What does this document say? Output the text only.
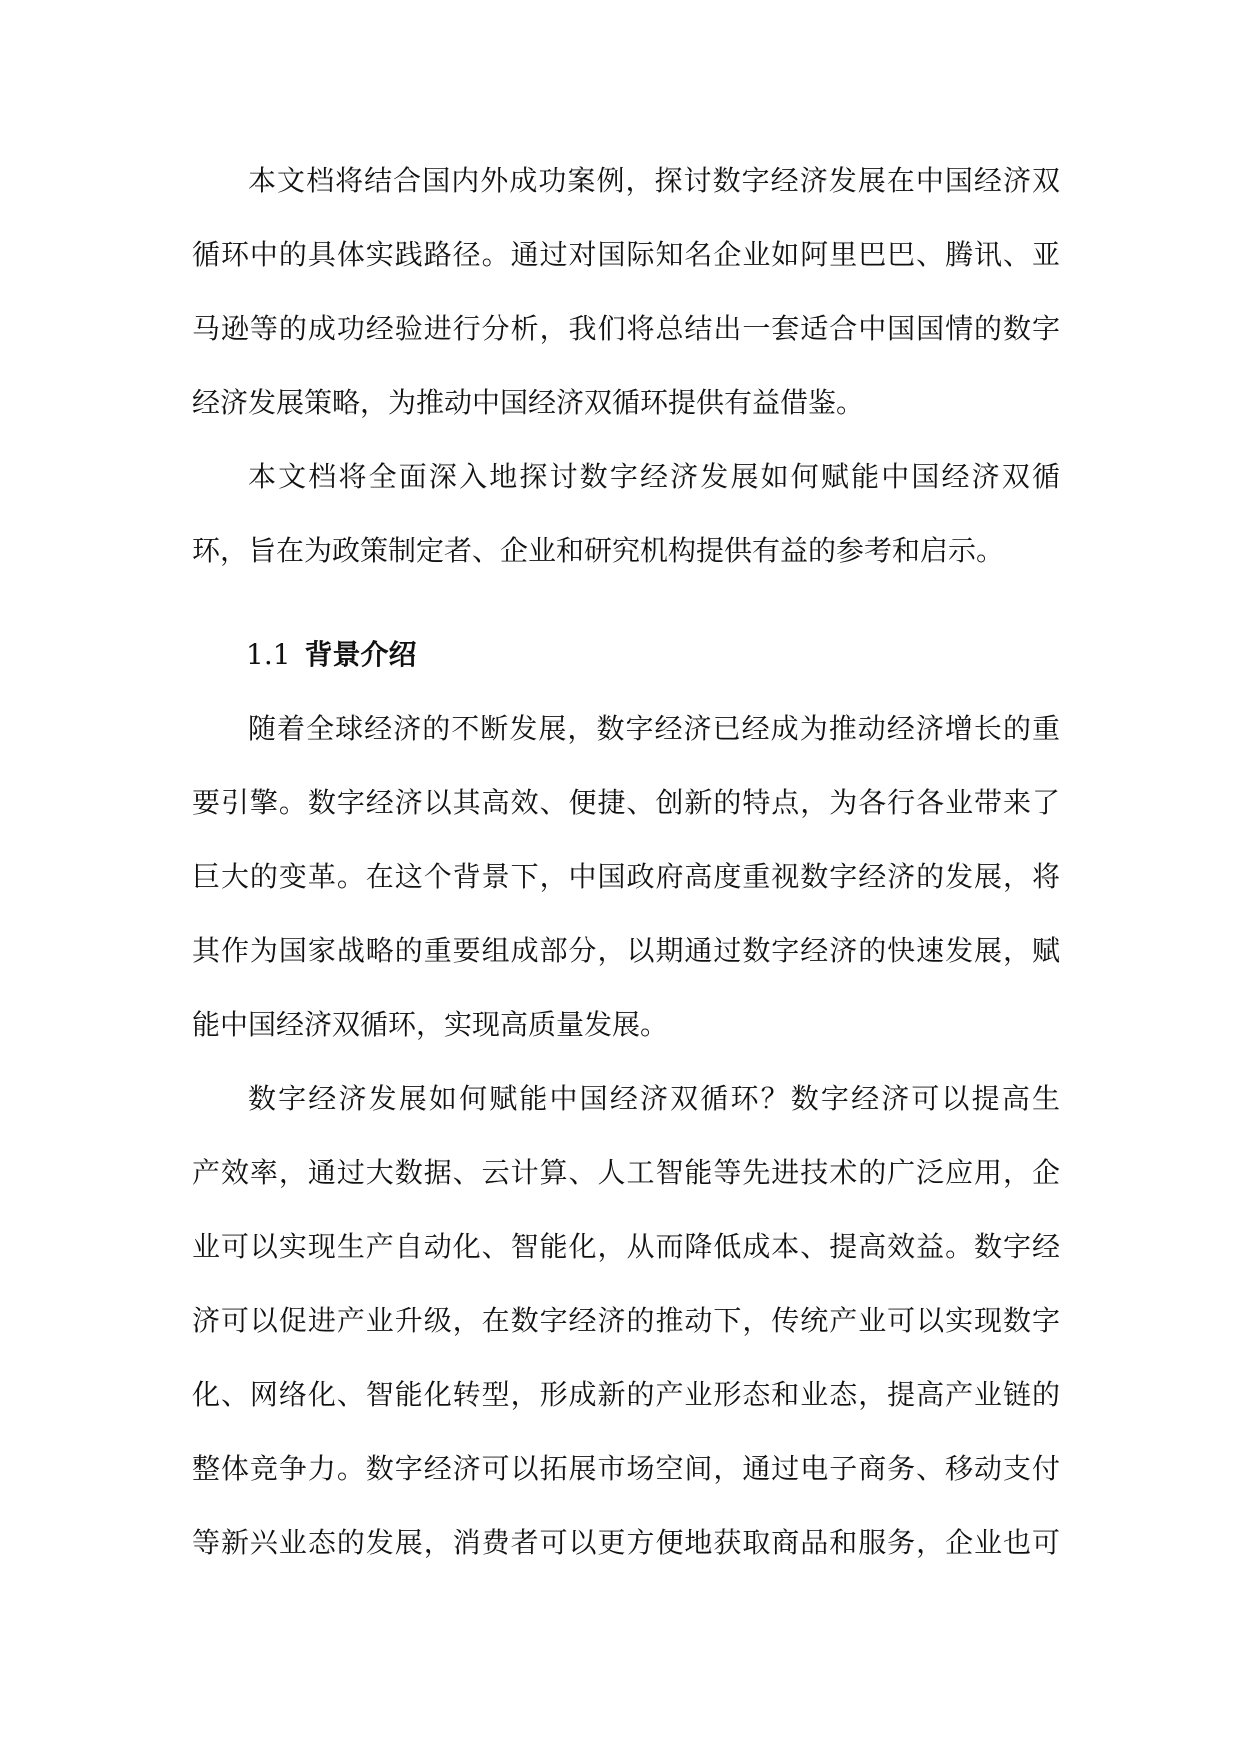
本文档将结合国内外成功案例，探讨数字经济发展在中国经济双
循环中的具体实践路径。通过对国际知名企业如阿里巴巴、腾讯、亚
马逊等的成功经验进行分析，我们将总结出一套适合中国国情的数字
经济发展策略，为推动中国经济双循环提供有益借鉴。
本文档将全面深入地探讨数字经济发展如何赋能中国经济双循
环，旨在为政策制定者、企业和研究机构提供有益的参考和启示。
1.1 背景介绍
随着全球经济的不断发展，数字经济已经成为推动经济增长的重
要引擎。数字经济以其高效、便捷、创新的特点，为各行各业带来了
巨大的变革。在这个背景下，中国政府高度重视数字经济的发展，将
其作为国家战略的重要组成部分，以期通过数字经济的快速发展，赋
能中国经济双循环，实现高质量发展。
数字经济发展如何赋能中国经济双循环？数字经济可以提高生
产效率，通过大数据、云计算、人工智能等先进技术的广泛应用，企
业可以实现生产自动化、智能化，从而降低成本、提高效益。数字经
济可以促进产业升级，在数字经济的推动下，传统产业可以实现数字
化、网络化、智能化转型，形成新的产业形态和业态，提高产业链的
整体竞争力。数字经济可以拓展市场空间，通过电子商务、移动支付
等新兴业态的发展，消费者可以更方便地获取商品和服务，企业也可
